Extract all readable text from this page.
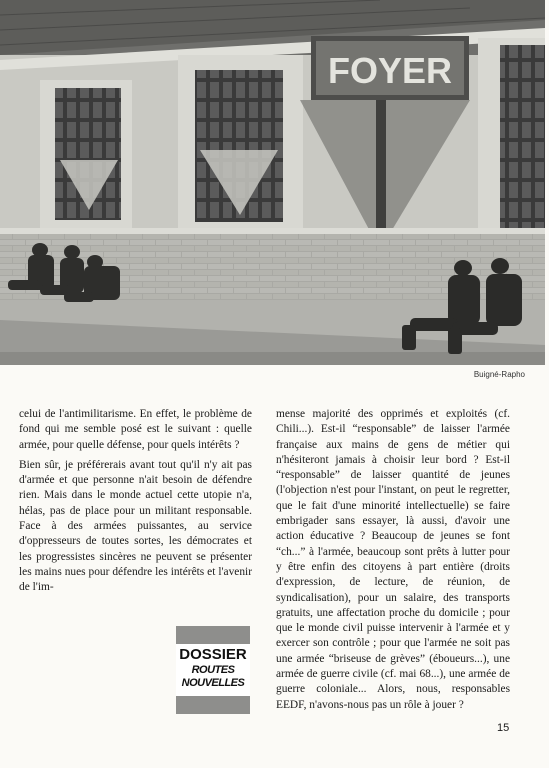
FOYER
Buigné-Rapho

celui de l'antimilitarisme. En effet, le problème de fond qui me semble posé est le suivant : quelle armée, pour quelle défense, pour quels intérêts ?

Bien sûr, je préférerais avant tout qu'il n'y ait pas d'armée et que personne n'ait besoin de défendre rien. Mais dans le monde actuel cette utopie n'a, hélas, pas de place pour un militant responsable. Face à des armées puissantes, au service d'oppresseurs de toutes sortes, les démocrates et les progressistes sincères ne peuvent se présenter les mains nues pour défendre les intérêts et l'avenir de l'im-

mense majorité des opprimés et exploités (cf. Chili...). Est-il “responsable” de laisser l'armée française aux mains de gens de métier qui n'hésiteront jamais à choisir leur bord ? Est-il “responsable” de laisser quantité de jeunes (l'objection n'est pour l'instant, on peut le regretter, que le fait d'une minorité intellectuelle) se faire embrigader sans essayer, là aussi, d'avoir une action éducative ? Beaucoup de jeunes se font “ch...” à l'armée, beaucoup sont prêts à lutter pour y être enfin des citoyens à part entière (droits d'expression, de lecture, de réunion, de syndicalisation), pour un salaire, des transports gratuits, une affectation proche du domicile ; pour que le monde civil puisse intervenir à l'armée et y exercer son contrôle ; pour que l'armée ne soit pas une armée “briseuse de grèves” (éboueurs...), une armée de guerre civile (cf. mai 68...), une armée de guerre coloniale... Alors, nous, responsables EEDF, n'avons-nous pas un rôle à jouer ?

DOSSIER
ROUTES
NOUVELLES
15
